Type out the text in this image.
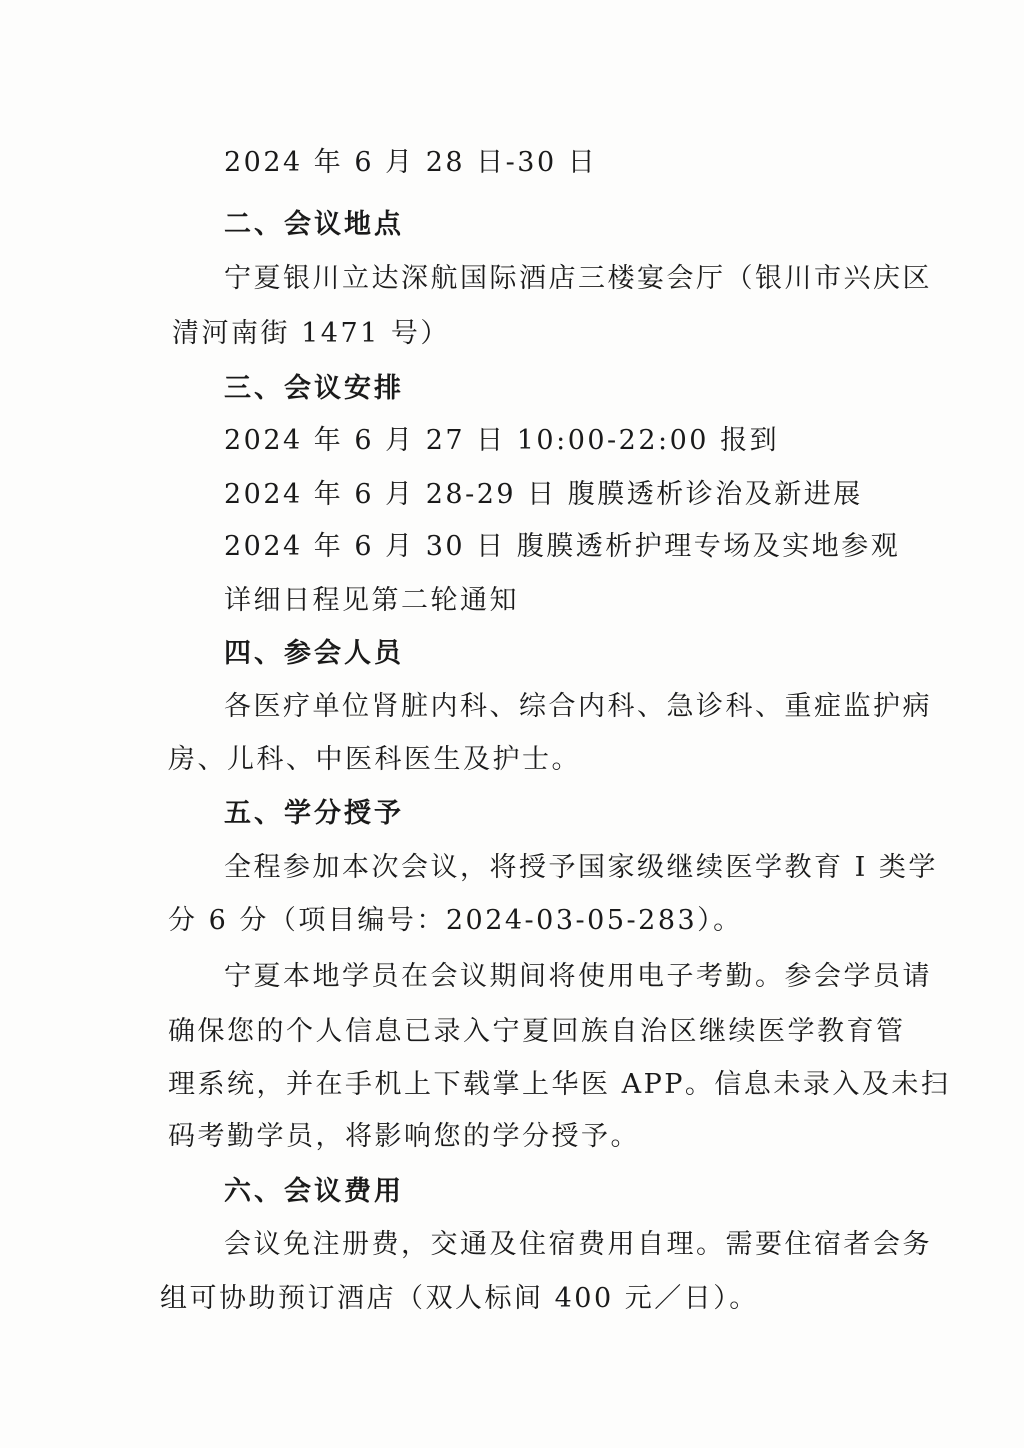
2024 年 6 月 28 日-30 日
二、会议地点
宁夏银川立达深航国际酒店三楼宴会厅（银川市兴庆区
清河南街 1471 号）
三、会议安排
2024 年 6 月 27 日 10:00-22:00 报到
2024 年 6 月 28-29 日 腹膜透析诊治及新进展
2024 年 6 月 30 日 腹膜透析护理专场及实地参观
详细日程见第二轮通知
四、参会人员
各医疗单位肾脏内科、综合内科、急诊科、重症监护病
房、儿科、中医科医生及护士。
五、学分授予
全程参加本次会议，将授予国家级继续医学教育 I 类学
分 6 分（项目编号：2024-03-05-283）。
宁夏本地学员在会议期间将使用电子考勤。参会学员请
确保您的个人信息已录入宁夏回族自治区继续医学教育管
理系统，并在手机上下载掌上华医 APP。信息未录入及未扫
码考勤学员，将影响您的学分授予。
六、会议费用
会议免注册费，交通及住宿费用自理。需要住宿者会务
组可协助预订酒店（双人标间 400 元／日）。
